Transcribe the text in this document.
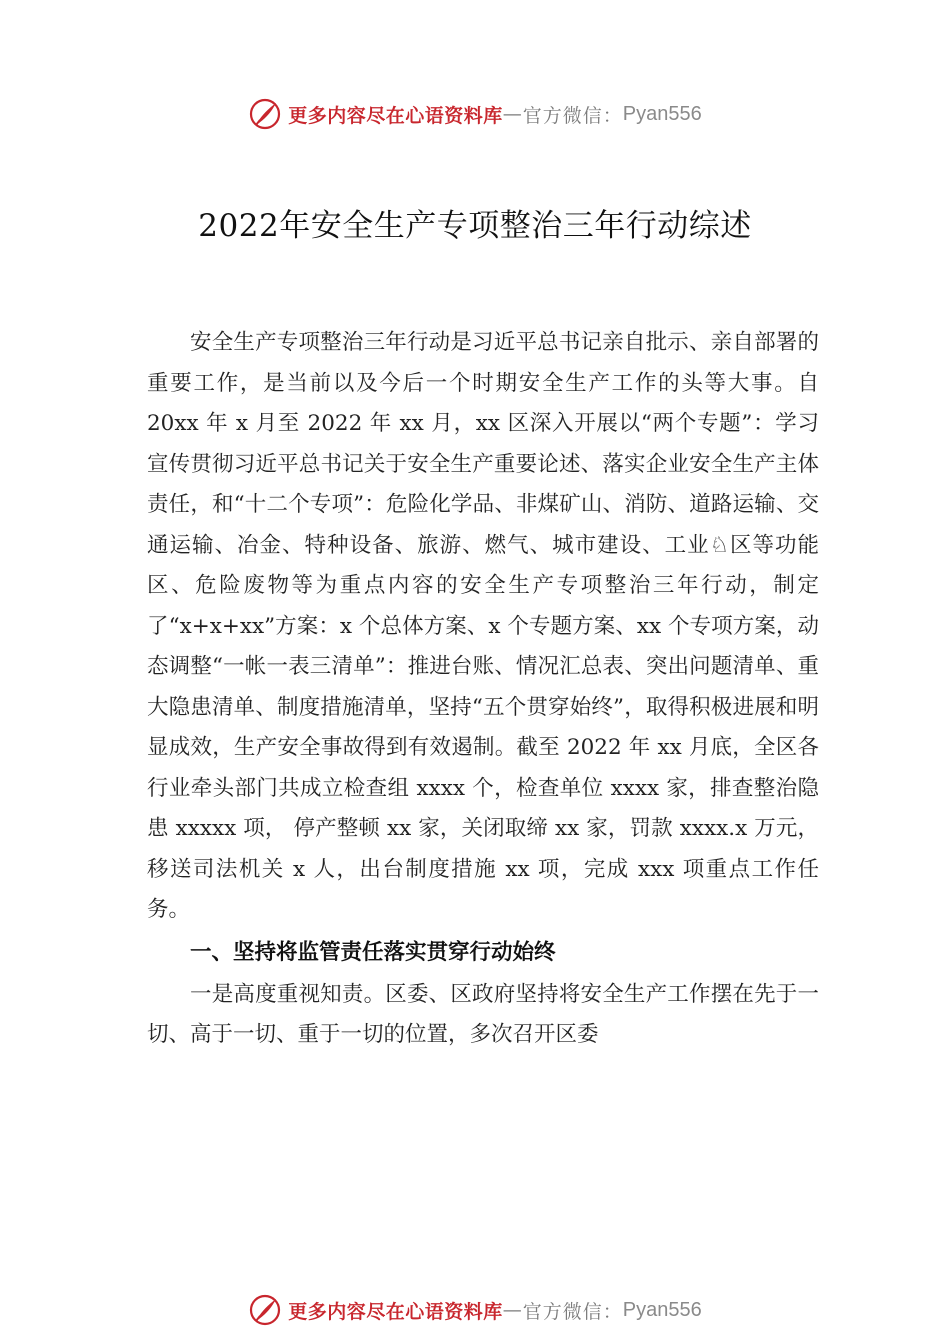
更多内容尽在心语资料库 — 官方微信： Pyan556
2022年安全生产专项整治三年行动综述

安全生产专项整治三年行动是习近平总书记亲自批示、亲自部署的重要工作，是当前以及今后一个时期安全生产工作的头等大事。自 20xx 年 x 月至 2022 年 xx 月，xx 区深入开展以“两个专题”：学习宣传贯彻习近平总书记关于安全生产重要论述、落实企业安全生产主体责任，和“十二个专项”：危险化学品、非煤矿山、消防、道路运输、交通运输、冶金、特种设备、旅游、燃气、城市建设、工业♘区等功能区、危险废物等为重点内容的安全生产专项整治三年行动，制定了“x+x+xx”方案：x 个总体方案、x 个专题方案、xx 个专项方案，动态调整“一帐一表三清单”：推进台账、情况汇总表、突出问题清单、重大隐患清单、制度措施清单，坚持“五个贯穿始终”，取得积极进展和明显成效，生产安全事故得到有效遏制。截至 2022 年 xx 月底，全区各行业牵头部门共成立检查组 xxxx 个，检查单位 xxxx 家，排查整治隐患 xxxxx 项， 停产整顿 xx 家，关闭取缔 xx 家，罚款 xxxx.x 万元，移送司法机关 x 人，出台制度措施 xx 项，完成 xxx 项重点工作任务。

一、坚持将监管责任落实贯穿行动始终

一是高度重视知责。区委、区政府坚持将安全生产工作摆在先于一切、高于一切、重于一切的位置，多次召开区委

更多内容尽在心语资料库 — 官方微信： Pyan556
